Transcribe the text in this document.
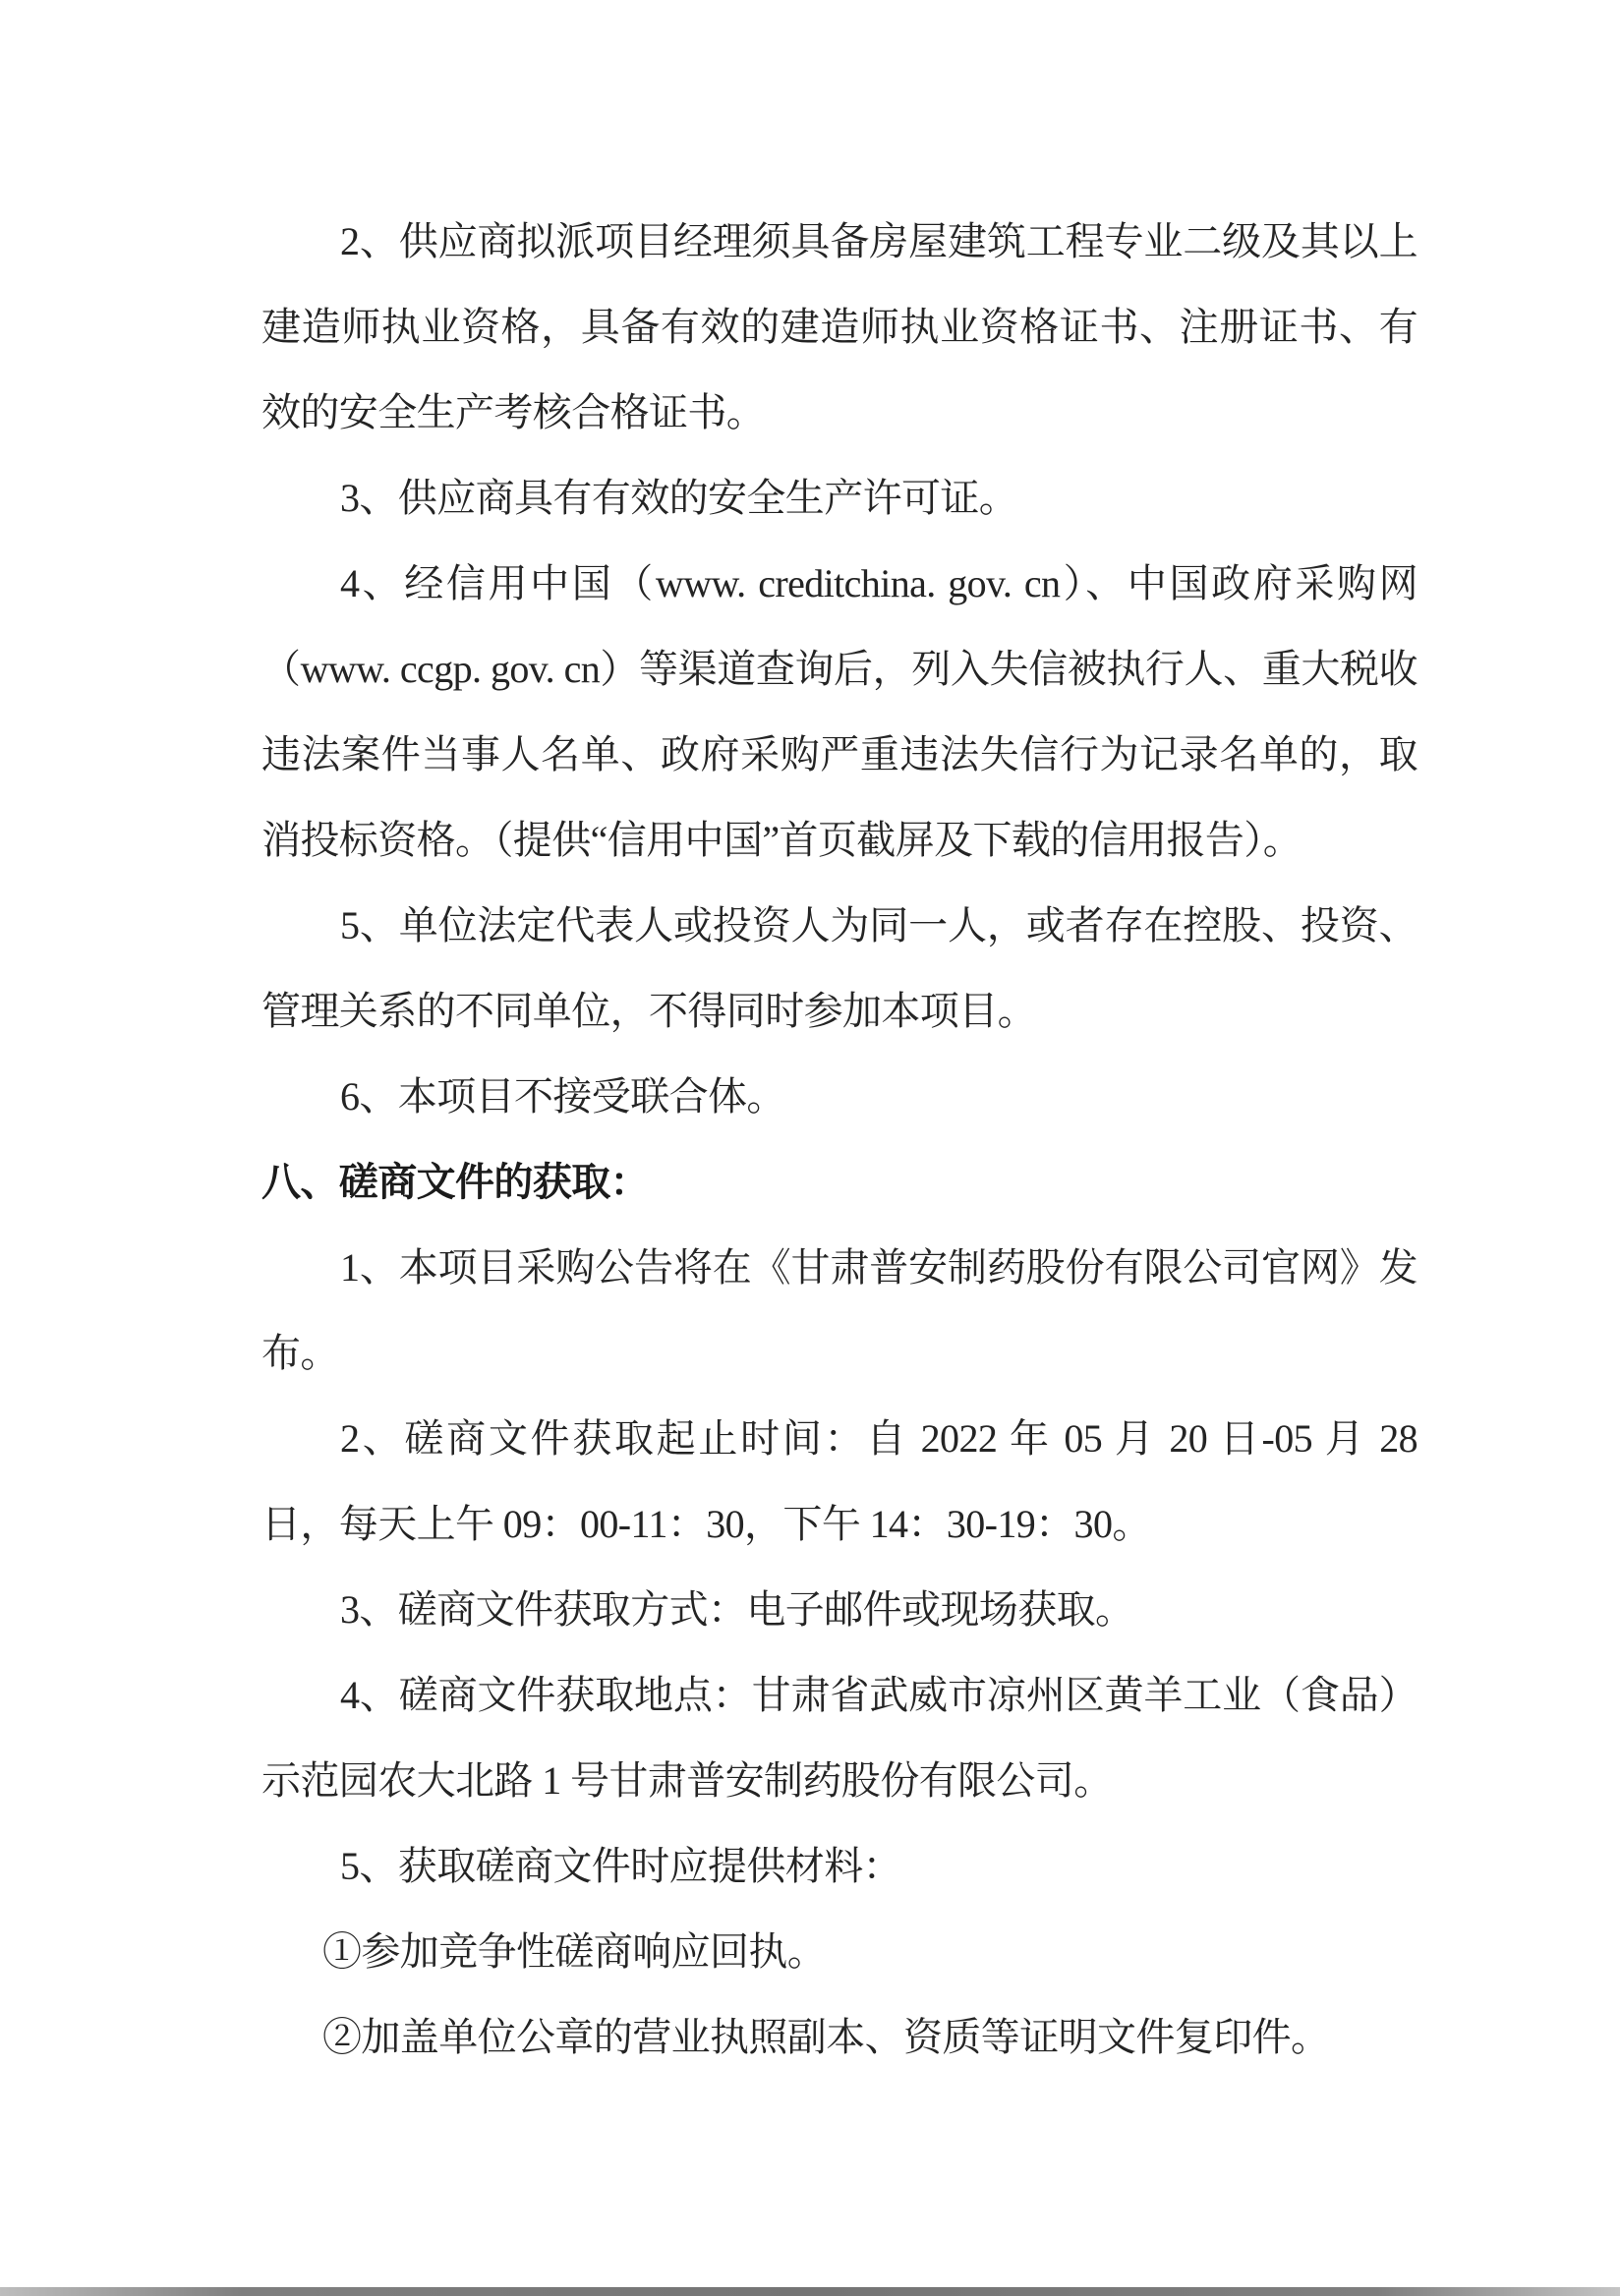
2、供应商拟派项目经理须具备房屋建筑工程专业二级及其以上建造师执业资格，具备有效的建造师执业资格证书、注册证书、有效的安全生产考核合格证书。

3、供应商具有有效的安全生产许可证。

4、经信用中国（www. creditchina. gov. cn）、中国政府采购网（www. ccgp. gov. cn）等渠道查询后，列入失信被执行人、重大税收违法案件当事人名单、政府采购严重违法失信行为记录名单的，取消投标资格。（提供“信用中国”首页截屏及下载的信用报告）。

5、单位法定代表人或投资人为同一人，或者存在控股、投资、管理关系的不同单位，不得同时参加本项目。

6、本项目不接受联合体。

八、磋商文件的获取：

1、本项目采购公告将在《甘肃普安制药股份有限公司官网》发布。

2、磋商文件获取起止时间：自 2022 年 05 月 20 日-05 月 28 日，每天上午 09：00-11：30，下午 14：30-19：30。

3、磋商文件获取方式：电子邮件或现场获取。

4、磋商文件获取地点：甘肃省武威市凉州区黄羊工业（食品）示范园农大北路 1 号甘肃普安制药股份有限公司。

5、获取磋商文件时应提供材料：

①参加竞争性磋商响应回执。

②加盖单位公章的营业执照副本、资质等证明文件复印件。
